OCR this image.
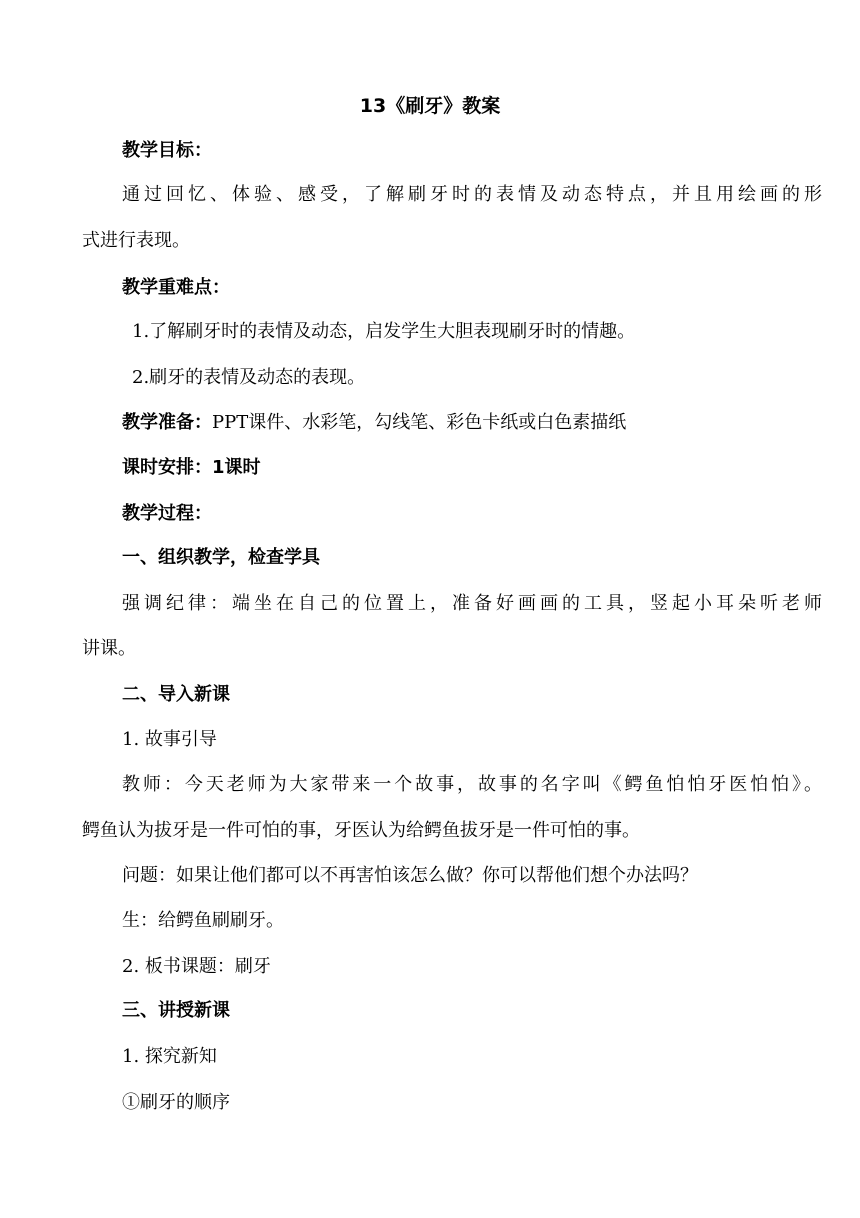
13《刷牙》教案
教学目标：
通过回忆、体验、感受，了解刷牙时的表情及动态特点，并且用绘画的形
式进行表现。
教学重难点：
1.了解刷牙时的表情及动态，启发学生大胆表现刷牙时的情趣。
2.刷牙的表情及动态的表现。
教学准备：PPT课件、水彩笔，勾线笔、彩色卡纸或白色素描纸
课时安排：1课时
教学过程：
一、组织教学，检查学具
强调纪律：端坐在自己的位置上，准备好画画的工具，竖起小耳朵听老师
讲课。
二、导入新课
1. 故事引导
教师：今天老师为大家带来一个故事，故事的名字叫《鳄鱼怕怕牙医怕怕》。
鳄鱼认为拔牙是一件可怕的事，牙医认为给鳄鱼拔牙是一件可怕的事。
问题：如果让他们都可以不再害怕该怎么做？你可以帮他们想个办法吗？
生：给鳄鱼刷刷牙。
2. 板书课题：刷牙
三、讲授新课
1. 探究新知
①刷牙的顺序
